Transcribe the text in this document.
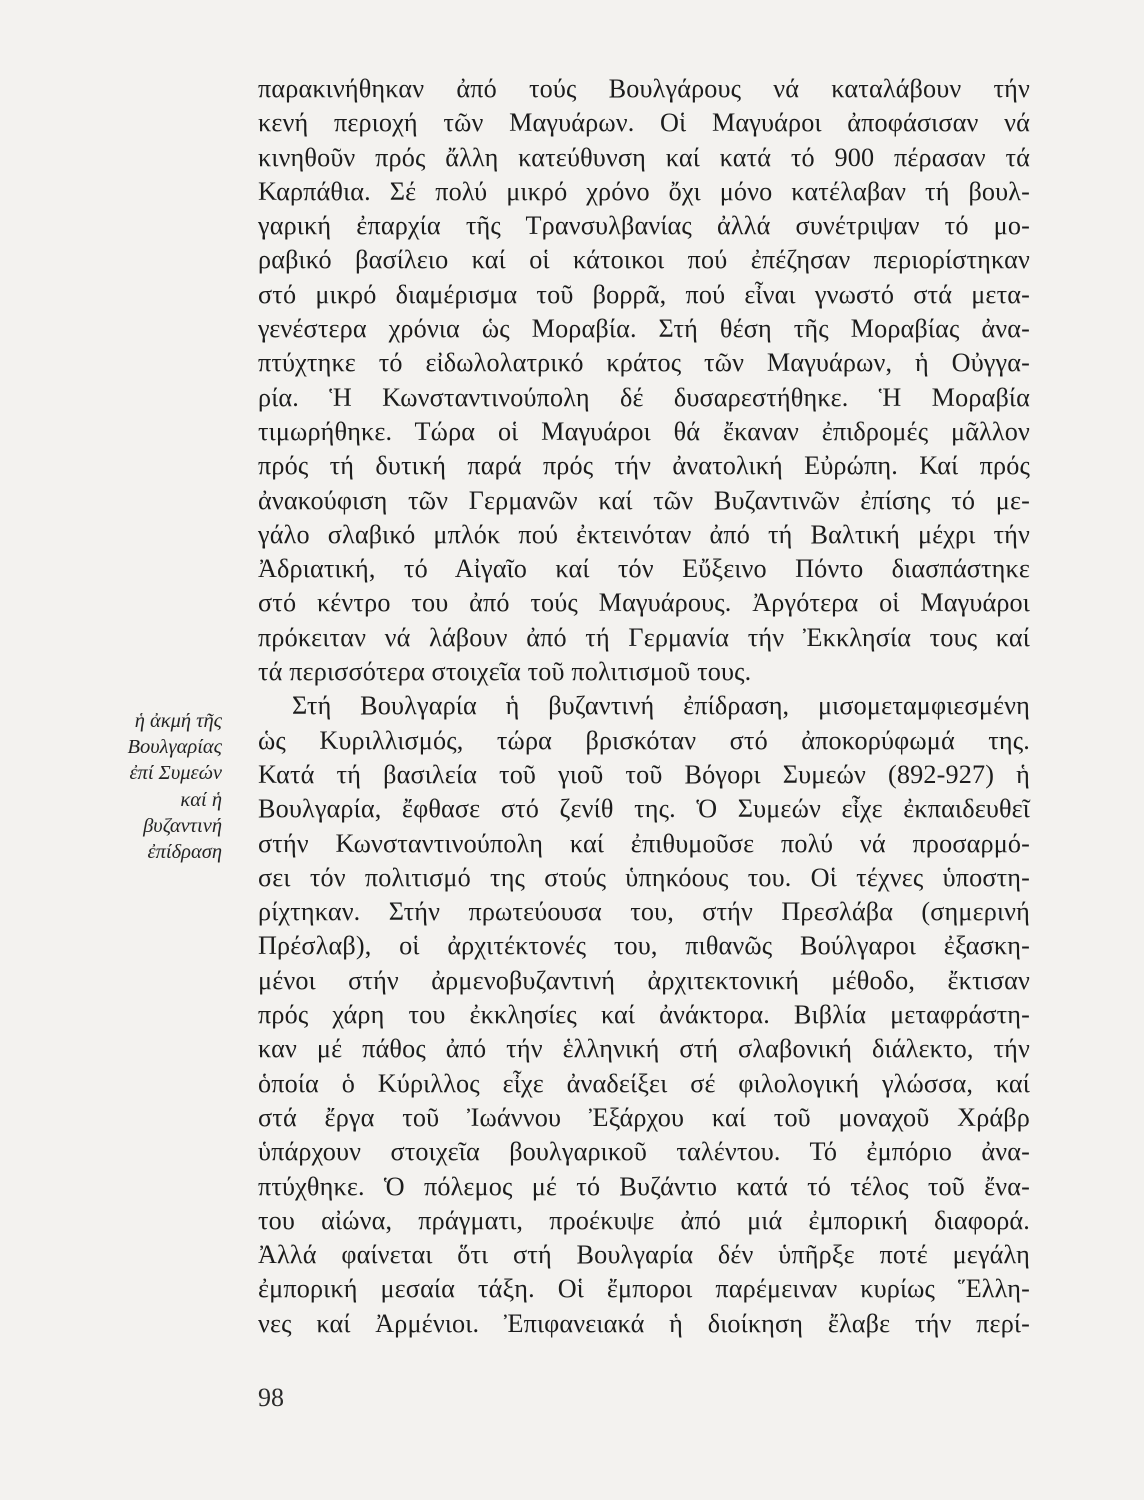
ἡ ἀκμή τῆς
Βουλγαρίας
ἐπί Συμεών
καί ἡ
βυζαντινή
ἐπίδραση
παρακινήθηκαν ἀπό τούς Βουλγάρους νά καταλάβουν τήν
κενή περιοχή τῶν Μαγυάρων. Οἱ Μαγυάροι ἀποφάσισαν νά
κινηθοῦν πρός ἄλλη κατεύθυνση καί κατά τό 900 πέρασαν τά
Καρπάθια. Σέ πολύ μικρό χρόνο ὄχι μόνο κατέλαβαν τή βουλ-
γαρική ἐπαρχία τῆς Τρανσυλβανίας ἀλλά συνέτριψαν τό μο-
ραβικό βασίλειο καί οἱ κάτοικοι πού ἐπέζησαν περιορίστηκαν
στό μικρό διαμέρισμα τοῦ βορρᾶ, πού εἶναι γνωστό στά μετα-
γενέστερα χρόνια ὡς Μοραβία. Στή θέση τῆς Μοραβίας ἀνα-
πτύχτηκε τό εἰδωλολατρικό κράτος τῶν Μαγυάρων, ἡ Οὐγγα-
ρία. Ἡ Κωνσταντινούπολη δέ δυσαρεστήθηκε. Ἡ Μοραβία
τιμωρήθηκε. Τώρα οἱ Μαγυάροι θά ἔκαναν ἐπιδρομές μᾶλλον
πρός τή δυτική παρά πρός τήν ἀνατολική Εὐρώπη. Καί πρός
ἀνακούφιση τῶν Γερμανῶν καί τῶν Βυζαντινῶν ἐπίσης τό με-
γάλο σλαβικό μπλόκ πού ἐκτεινόταν ἀπό τή Βαλτική μέχρι τήν
Ἀδριατική, τό Αἰγαῖο καί τόν Εὔξεινο Πόντο διασπάστηκε
στό κέντρο του ἀπό τούς Μαγυάρους. Ἀργότερα οἱ Μαγυάροι
πρόκειταν νά λάβουν ἀπό τή Γερμανία τήν Ἐκκλησία τους καί
τά περισσότερα στοιχεῖα τοῦ πολιτισμοῦ τους.
Στή Βουλγαρία ἡ βυζαντινή ἐπίδραση, μισομεταμφιεσμένη
ὡς Κυριλλισμός, τώρα βρισκόταν στό ἀποκορύφωμά της.
Κατά τή βασιλεία τοῦ γιοῦ τοῦ Βόγορι Συμεών (892-927) ἡ
Βουλγαρία, ἔφθασε στό ζενίθ της. Ὁ Συμεών εἶχε ἐκπαιδευθεῖ
στήν Κωνσταντινούπολη καί ἐπιθυμοῦσε πολύ νά προσαρμό-
σει τόν πολιτισμό της στούς ὑπηκόους του. Οἱ τέχνες ὑποστη-
ρίχτηκαν. Στήν πρωτεύουσα του, στήν Πρεσλάβα (σημερινή
Πρέσλαβ), οἱ ἀρχιτέκτονές του, πιθανῶς Βούλγαροι ἐξασκη-
μένοι στήν ἀρμενοβυζαντινή ἀρχιτεκτονική μέθοδο, ἔκτισαν
πρός χάρη του ἐκκλησίες καί ἀνάκτορα. Βιβλία μεταφράστη-
καν μέ πάθος ἀπό τήν ἑλληνική στή σλαβονική διάλεκτο, τήν
ὁποία ὁ Κύριλλος εἶχε ἀναδείξει σέ φιλολογική γλώσσα, καί
στά ἔργα τοῦ Ἰωάννου Ἐξάρχου καί τοῦ μοναχοῦ Χράβρ
ὑπάρχουν στοιχεῖα βουλγαρικοῦ ταλέντου. Τό ἐμπόριο ἀνα-
πτύχθηκε. Ὁ πόλεμος μέ τό Βυζάντιο κατά τό τέλος τοῦ ἔνα-
του αἰώνα, πράγματι, προέκυψε ἀπό μιά ἐμπορική διαφορά.
Ἀλλά φαίνεται ὅτι στή Βουλγαρία δέν ὑπῆρξε ποτέ μεγάλη
ἐμπορική μεσαία τάξη. Οἱ ἔμποροι παρέμειναν κυρίως Ἕλλη-
νες καί Ἀρμένιοι. Ἐπιφανειακά ἡ διοίκηση ἔλαβε τήν περί-
98
